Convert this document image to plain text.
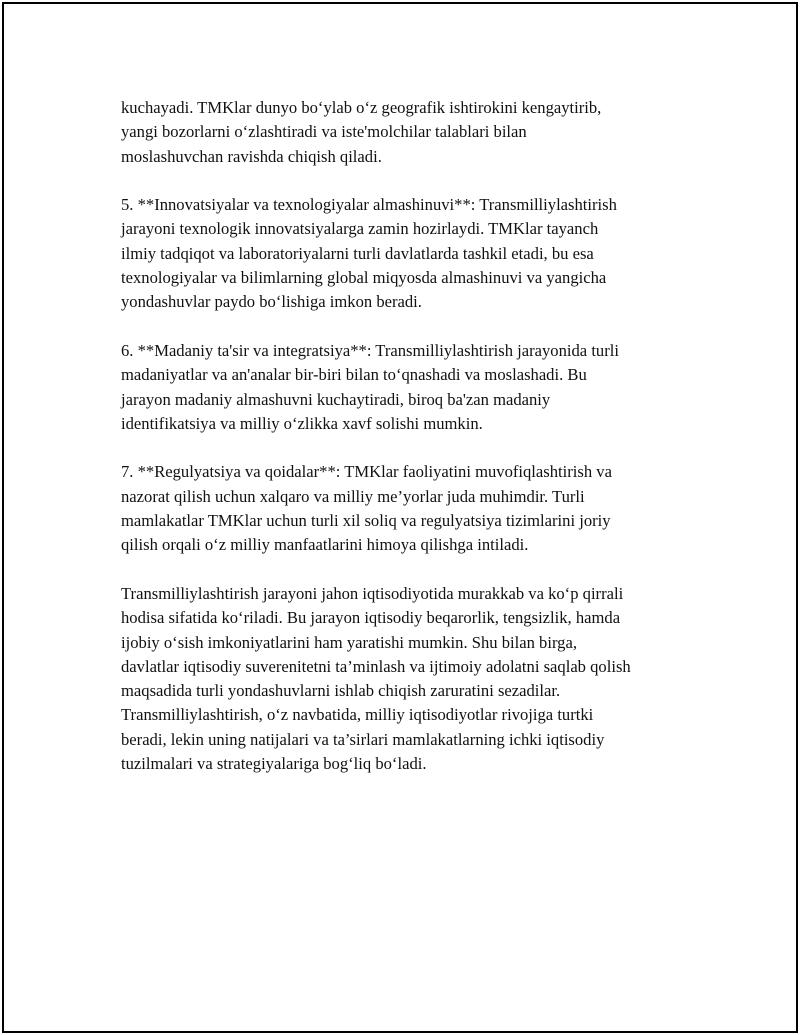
kuchayadi. TMKlar dunyo bo‘ylab o‘z geografik ishtirokini kengaytirib,
yangi bozorlarni o‘zlashtiradi va iste'molchilar talablari bilan
moslashuvchan ravishda chiqish qiladi.

5. **Innovatsiyalar va texnologiyalar almashinuvi**: Transmilliylashtirish
jarayoni texnologik innovatsiyalarga zamin hozirlaydi. TMKlar tayanch
ilmiy tadqiqot va laboratoriyalarni turli davlatlarda tashkil etadi, bu esa
texnologiyalar va bilimlarning global miqyosda almashinuvi va yangicha
yondashuvlar paydo bo‘lishiga imkon beradi.

6. **Madaniy ta'sir va integratsiya**: Transmilliylashtirish jarayonida turli
madaniyatlar va an'analar bir-biri bilan to‘qnashadi va moslashadi. Bu
jarayon madaniy almashuvni kuchaytiradi, biroq ba'zan madaniy
identifikatsiya va milliy o‘zlikka xavf solishi mumkin.

7. **Regulyatsiya va qoidalar**: TMKlar faoliyatini muvofiqlashtirish va
nazorat qilish uchun xalqaro va milliy me’yorlar juda muhimdir. Turli
mamlakatlar TMKlar uchun turli xil soliq va regulyatsiya tizimlarini joriy
qilish orqali o‘z milliy manfaatlarini himoya qilishga intiladi.

Transmilliylashtirish jarayoni jahon iqtisodiyotida murakkab va ko‘p qirrali
hodisa sifatida ko‘riladi. Bu jarayon iqtisodiy beqarorlik, tengsizlik, hamda
ijobiy o‘sish imkoniyatlarini ham yaratishi mumkin. Shu bilan birga,
davlatlar iqtisodiy suverenitetni ta’minlash va ijtimoiy adolatni saqlab qolish
maqsadida turli yondashuvlarni ishlab chiqish zaruratini sezadilar.
Transmilliylashtirish, o‘z navbatida, milliy iqtisodiyotlar rivojiga turtki
beradi, lekin uning natijalari va ta’sirlari mamlakatlarning ichki iqtisodiy
tuzilmalari va strategiyalariga bog‘liq bo‘ladi.
